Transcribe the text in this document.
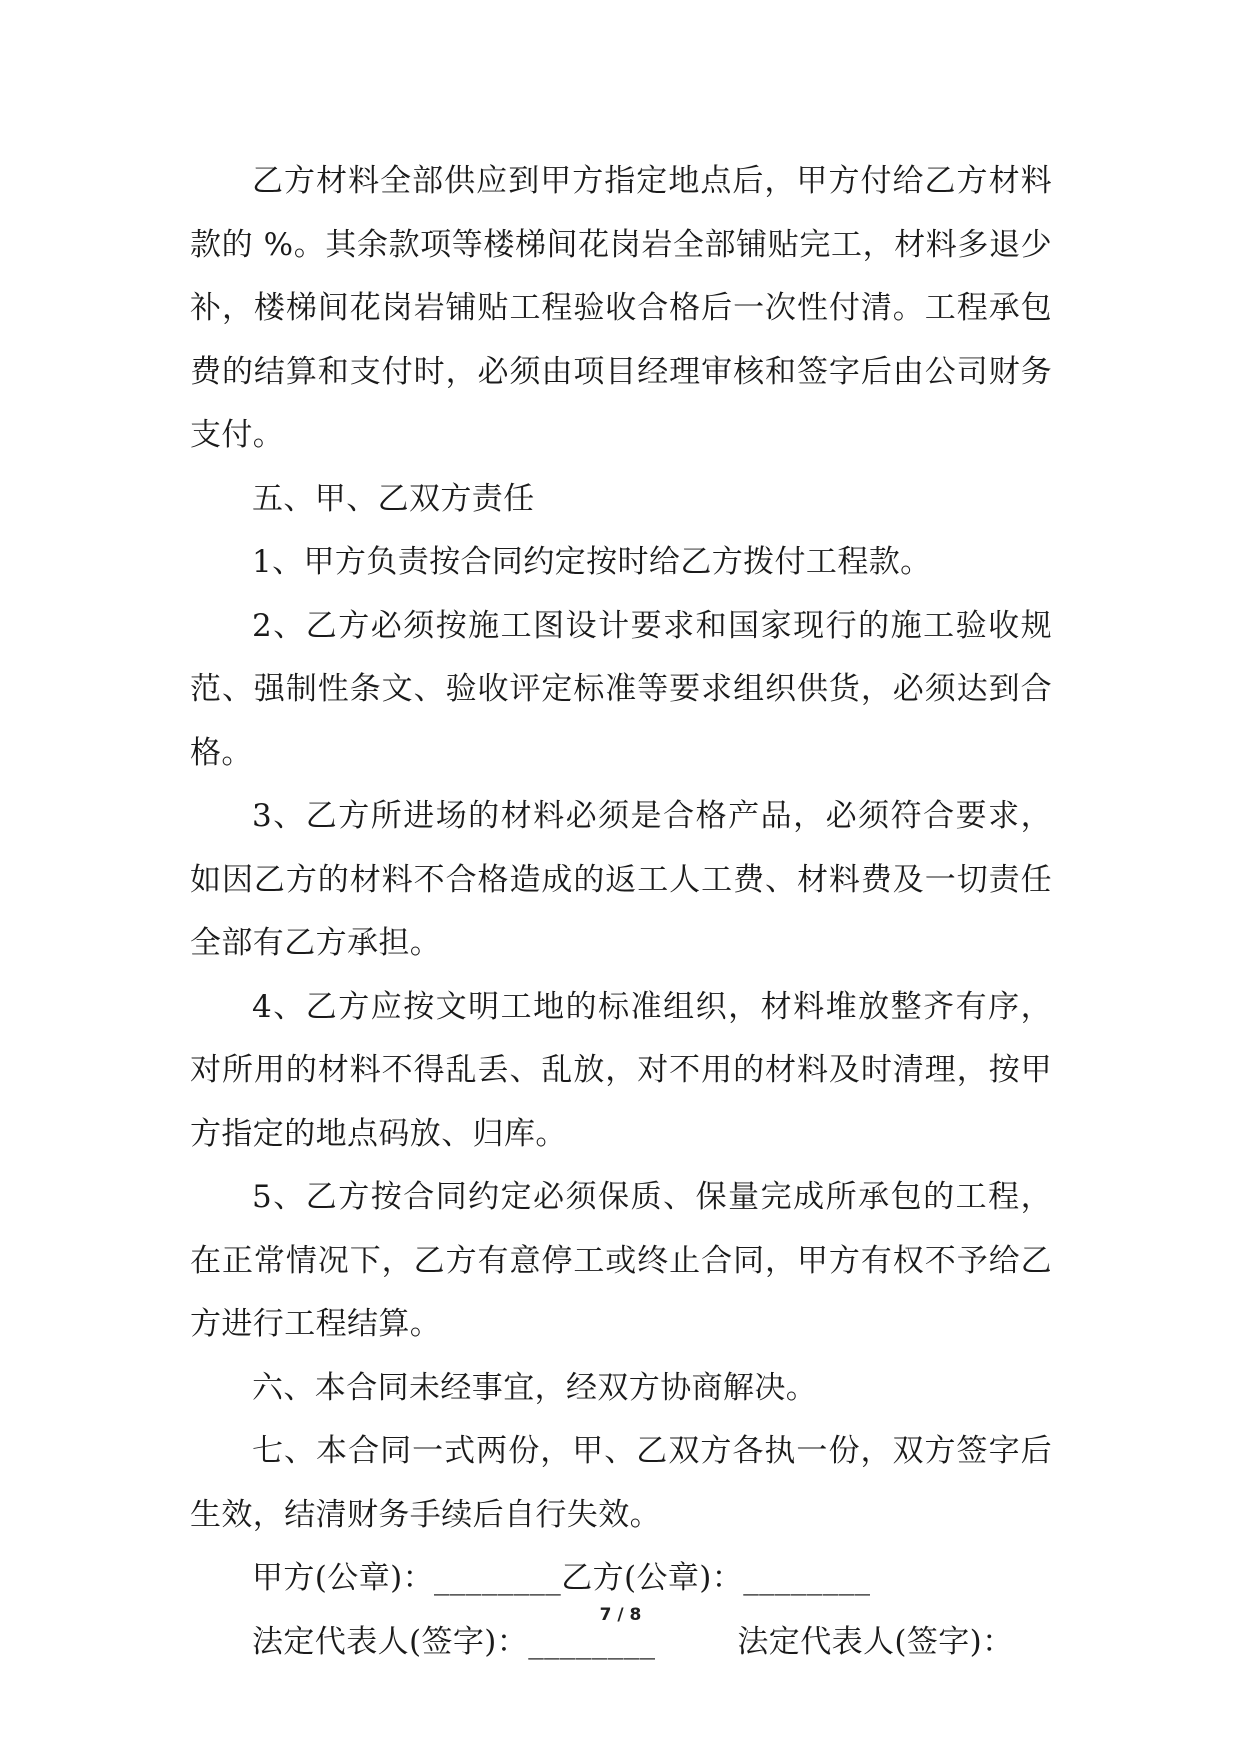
乙方材料全部供应到甲方指定地点后，甲方付给乙方材料款的 %。其余款项等楼梯间花岗岩全部铺贴完工，材料多退少补，楼梯间花岗岩铺贴工程验收合格后一次性付清。工程承包费的结算和支付时，必须由项目经理审核和签字后由公司财务支付。

五、甲、乙双方责任

1、甲方负责按合同约定按时给乙方拨付工程款。

2、乙方必须按施工图设计要求和国家现行的施工验收规范、强制性条文、验收评定标准等要求组织供货，必须达到合格。

3、乙方所进场的材料必须是合格产品，必须符合要求，如因乙方的材料不合格造成的返工人工费、材料费及一切责任全部有乙方承担。

4、乙方应按文明工地的标准组织，材料堆放整齐有序，对所用的材料不得乱丢、乱放，对不用的材料及时清理，按甲方指定的地点码放、归库。

5、乙方按合同约定必须保质、保量完成所承包的工程，在正常情况下，乙方有意停工或终止合同，甲方有权不予给乙方进行工程结算。

六、本合同未经事宜，经双方协商解决。

七、本合同一式两份，甲、乙双方各执一份，双方签字后生效，结清财务手续后自行失效。

甲方(公章)：________乙方(公章)：________

法定代表人(签字)：________	法定代表人(签字)：

7 / 8
